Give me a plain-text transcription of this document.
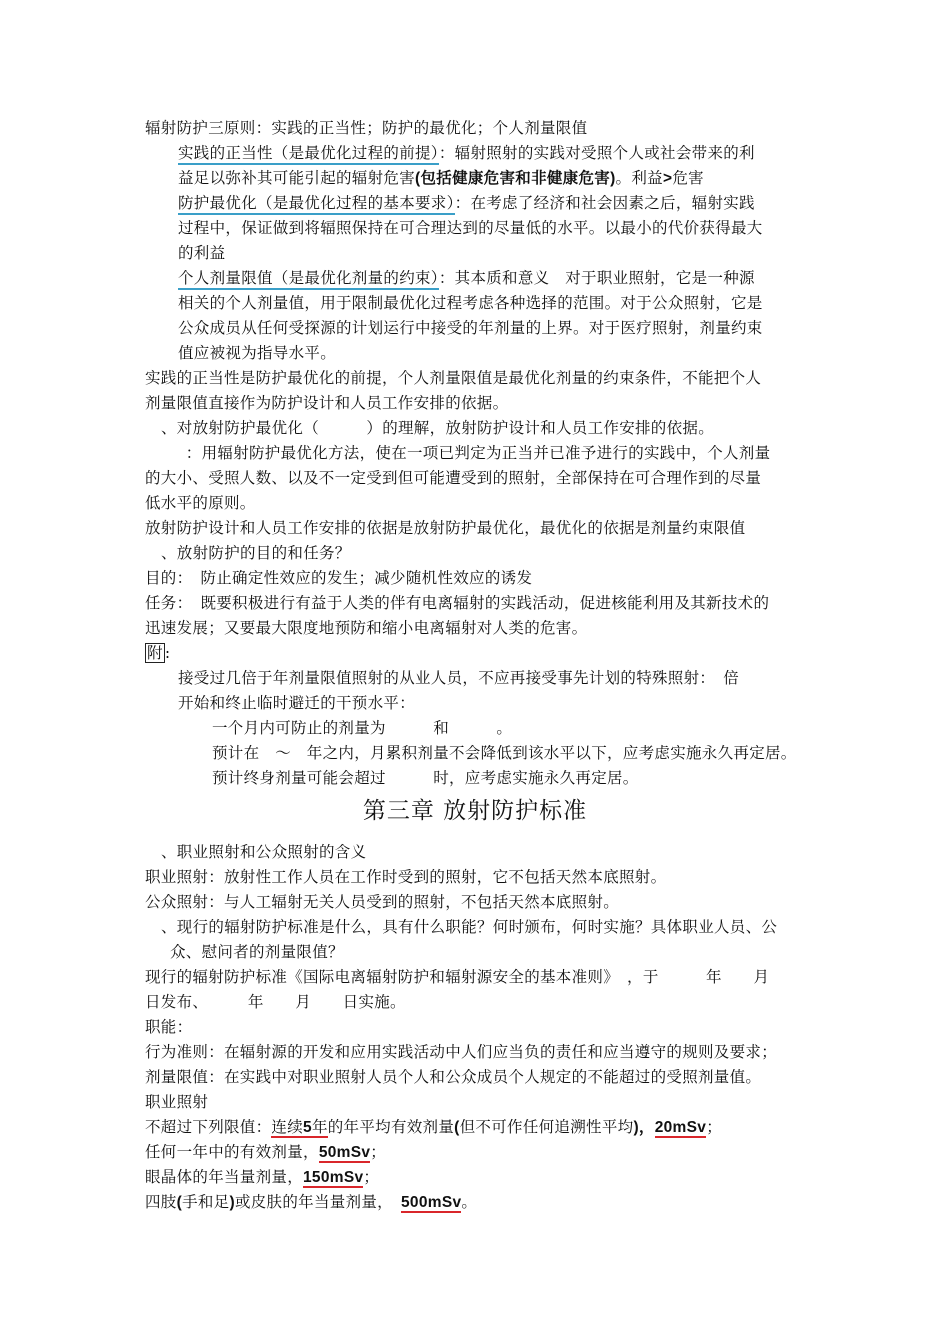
辐射防护三原则：实践的正当性；防护的最优化；个人剂量限值
实践的正当性（是最优化过程的前提）：辐射照射的实践对受照个人或社会带来的利
益足以弥补其可能引起的辐射危害(包括健康危害和非健康危害)。利益>危害
防护最优化（是最优化过程的基本要求）：在考虑了经济和社会因素之后，辐射实践
过程中，保证做到将辐照保持在可合理达到的尽量低的水平。以最小的代价获得最大
的利益
个人剂量限值（是最优化剂量的约束）：其本质和意义　对于职业照射，它是一种源
相关的个人剂量值，用于限制最优化过程考虑各种选择的范围。对于公众照射，它是
公众成员从任何受探源的计划运行中接受的年剂量的上界。对于医疗照射，剂量约束
值应被视为指导水平。
实践的正当性是防护最优化的前提，个人剂量限值是最优化剂量的约束条件，不能把个人
剂量限值直接作为防护设计和人员工作安排的依据。
、对放射防护最优化（　　　）的理解，放射防护设计和人员工作安排的依据。
　：用辐射防护最优化方法，使在一项已判定为正当并已准予进行的实践中，个人剂量
的大小、受照人数、以及不一定受到但可能遭受到的照射，全部保持在可合理作到的尽量
低水平的原则。
放射防护设计和人员工作安排的依据是放射防护最优化，最优化的依据是剂量约束限值
、放射防护的目的和任务？
目的：　防止确定性效应的发生；减少随机性效应的诱发
任务：　既要积极进行有益于人类的伴有电离辐射的实践活动，促进核能利用及其新技术的
迅速发展；又要最大限度地预防和缩小电离辐射对人类的危害。
附 :
接受过几倍于年剂量限值照射的从业人员，不应再接受事先计划的特殊照射：　倍
开始和终止临时避迁的干预水平：
一个月内可防止的剂量为　　　和　　　。
预计在　～　年之内，月累积剂量不会降低到该水平以下，应考虑实施永久再定居。
预计终身剂量可能会超过　　　时，应考虑实施永久再定居。
第三章 放射防护标准
、职业照射和公众照射的含义
职业照射：放射性工作人员在工作时受到的照射，它不包括天然本底照射。
公众照射：与人工辐射无关人员受到的照射，不包括天然本底照射。
、现行的辐射防护标准是什么，具有什么职能？何时颁布，何时实施？具体职业人员、公
众、慰问者的剂量限值？
现行的辐射防护标准《国际电离辐射防护和辐射源安全的基本准则》　，于　　　年　　月
日发布、　　　年　　月　　日实施。
职能：
行为准则：在辐射源的开发和应用实践活动中人们应当负的责任和应当遵守的规则及要求；
剂量限值：在实践中对职业照射人员个人和公众成员个人规定的不能超过的受照剂量值。
职业照射
不超过下列限值：连续5年的年平均有效剂量(但不可作任何追溯性平均)，20mSv；
任何一年中的有效剂量，50mSv；
眼晶体的年当量剂量，150mSv；
四肢(手和足)或皮肤的年当量剂量，　500mSv。
